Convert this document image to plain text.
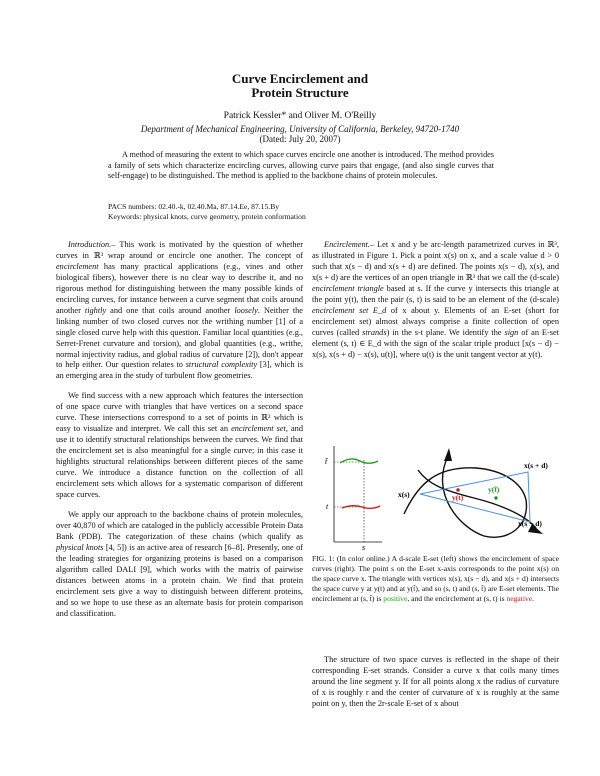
Curve Encirclement and
Protein Structure
Patrick Kessler* and Oliver M. O'Reilly
Department of Mechanical Engineering, University of California, Berkeley, 94720-1740
(Dated: July 20, 2007)

A method of measuring the extent to which space curves encircle one another is introduced. The method provides a family of sets which characterize encircling curves, allowing curve pairs that engage, (and also single curves that self-engage) to be distinguished. The method is applied to the backbone chains of protein molecules.

PACS numbers: 02.40.-k, 02.40.Ma, 87.14.Ee, 87.15.By
Keywords: physical knots, curve geometry, protein conformation

Introduction.– This work is motivated by the question of whether curves in ℝ³ wrap around or encircle one another. The concept of encirclement has many practical applications (e.g., vines and other biological fibers), however there is no clear way to describe it, and no rigorous method for distinguishing between the many possible kinds of encircling curves, for instance between a curve segment that coils around another tightly and one that coils around another loosely. Neither the linking number of two closed curves nor the writhing number [1] of a single closed curve help with this question. Familiar local quantities (e.g., Serret-Frenet curvature and torsion), and global quantities (e.g., writhe, normal injectivity radius, and global radius of curvature [2]), don't appear to help either. Our question relates to structural complexity [3], which is an emerging area in the study of turbulent flow geometries.

We find success with a new approach which features the intersection of one space curve with triangles that have vertices on a second space curve. These intersections correspond to a set of points in ℝ² which is easy to visualize and interpret. We call this set an encirclement set, and use it to identify structural relationships between the curves. We find that the encirclement set is also meaningful for a single curve; in this case it highlights structural relationships between different pieces of the same curve. We introduce a distance function on the collection of all encirclement sets which allows for a systematic comparison of different space curves.

We apply our approach to the backbone chains of protein molecules, over 40,870 of which are cataloged in the publicly accessible Protein Data Bank (PDB). The categorization of these chains (which qualify as physical knots [4, 5]) is an active area of research [6–8]. Presently, one of the leading strategies for organizing proteins is based on a comparison algorithm called DALI [9], which works with the matrix of pairwise distances between atoms in a protein chain. We find that protein encirclement sets give a way to distinguish between different proteins, and so we hope to use these as an alternate basis for protein comparison and classification.

Encirclement.– Let x and y be arc-length parametrized curves in ℝ³, as illustrated in Figure 1. Pick a point x(s) on x, and a scale value d > 0 such that x(s − d) and x(s + d) are defined. The points x(s − d), x(s), and x(s + d) are the vertices of an open triangle in ℝ³ that we call the (d-scale) encirclement triangle based at s. If the curve y intersects this triangle at the point y(t), then the pair (s, t) is said to be an element of the (d-scale) encirclement set E_d of x about y. Elements of an E-set (short for encirclement set) almost always comprise a finite collection of open curves (called strands) in the s-t plane. We identify the sign of an E-set element (s, t) ∈ E_d with the sign of the scalar triple product [x(s − d) − x(s), x(s + d) − x(s), u(t)], where u(t) is the unit tangent vector at y(t).

t̃
t
s
x(s)
x(s + d)
x(s − d)
y(t)
y(t̃)
FIG. 1: (In color online.) A d-scale E-set (left) shows the encirclement of space curves (right). The point s on the E-set x-axis corresponds to the point x(s) on the space curve x. The triangle with vertices x(s), x(s − d), and x(s + d) intersects the space curve y at y(t) and at y(t̃), and so (s, t) and (s, t̃) are E-set elements. The encirclement at (s, t̃) is positive, and the encirclement at (s, t) is negative.

The structure of two space curves is reflected in the shape of their corresponding E-set strands. Consider a curve x that coils many times around the line segment y. If for all points along x the radius of curvature of x is roughly r and the center of curvature of x is roughly at the same point on y, then the 2r-scale E-set of x about
